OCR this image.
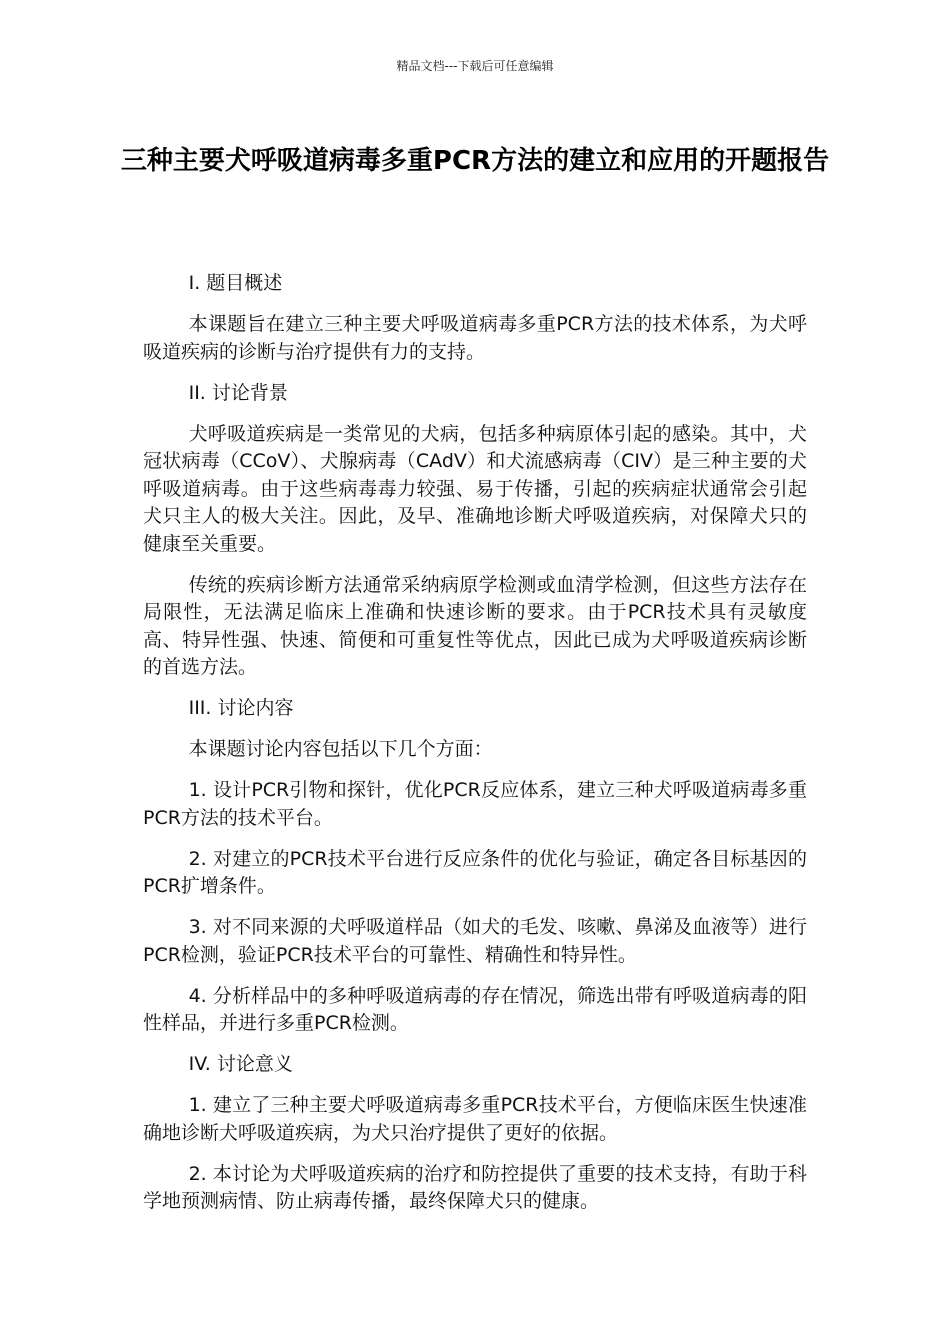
精品文档---下载后可任意编辑
三种主要犬呼吸道病毒多重PCR方法的建立和应用的开题报告
I. 题目概述

本课题旨在建立三种主要犬呼吸道病毒多重PCR方法的技术体系，为犬呼吸道疾病的诊断与治疗提供有力的支持。

II. 讨论背景

犬呼吸道疾病是一类常见的犬病，包括多种病原体引起的感染。其中，犬冠状病毒（CCoV）、犬腺病毒（CAdV）和犬流感病毒（CIV）是三种主要的犬呼吸道病毒。由于这些病毒毒力较强、易于传播，引起的疾病症状通常会引起犬只主人的极大关注。因此，及早、准确地诊断犬呼吸道疾病，对保障犬只的健康至关重要。

传统的疾病诊断方法通常采纳病原学检测或血清学检测，但这些方法存在局限性，无法满足临床上准确和快速诊断的要求。由于PCR技术具有灵敏度高、特异性强、快速、简便和可重复性等优点，因此已成为犬呼吸道疾病诊断的首选方法。

III. 讨论内容

本课题讨论内容包括以下几个方面：

1. 设计PCR引物和探针，优化PCR反应体系，建立三种犬呼吸道病毒多重PCR方法的技术平台。

2. 对建立的PCR技术平台进行反应条件的优化与验证，确定各目标基因的PCR扩增条件。

3. 对不同来源的犬呼吸道样品（如犬的毛发、咳嗽、鼻涕及血液等）进行PCR检测，验证PCR技术平台的可靠性、精确性和特异性。

4. 分析样品中的多种呼吸道病毒的存在情况，筛选出带有呼吸道病毒的阳性样品，并进行多重PCR检测。

IV. 讨论意义

1. 建立了三种主要犬呼吸道病毒多重PCR技术平台，方便临床医生快速准确地诊断犬呼吸道疾病，为犬只治疗提供了更好的依据。

2. 本讨论为犬呼吸道疾病的治疗和防控提供了重要的技术支持，有助于科学地预测病情、防止病毒传播，最终保障犬只的健康。
